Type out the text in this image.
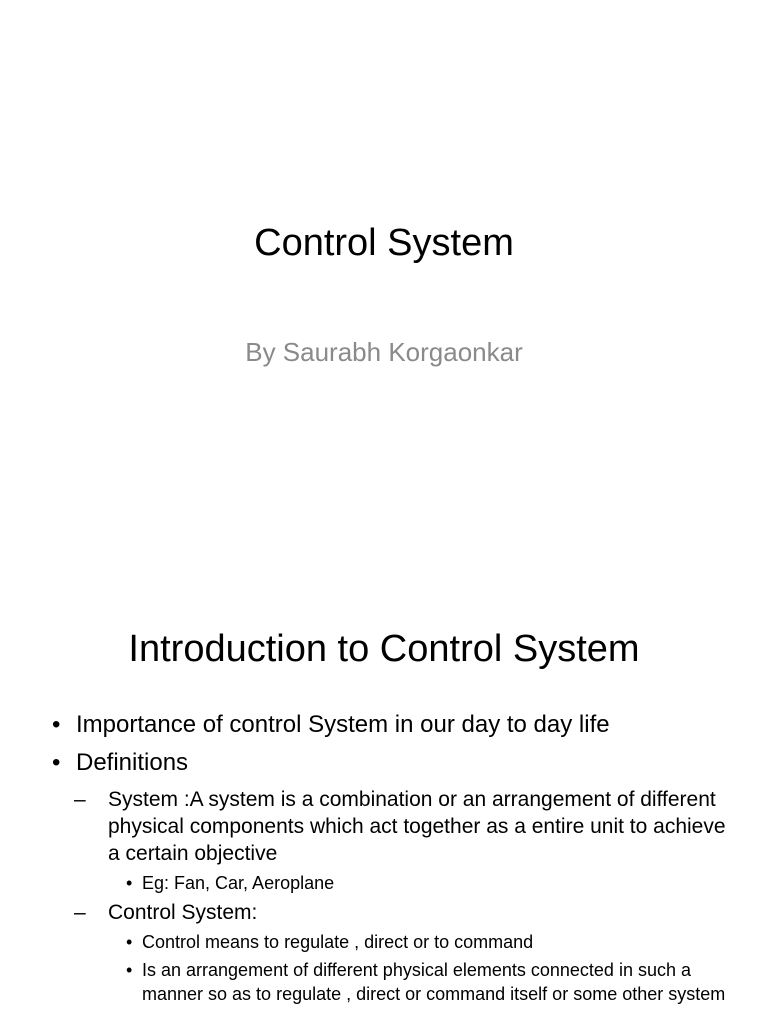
Control System
By Saurabh Korgaonkar
Introduction to Control System
• Importance of control System in our day to day life
• Definitions
– System :A system is a combination or an arrangement of different physical components which act together as a entire unit to achieve a certain objective
• Eg: Fan, Car, Aeroplane
– Control System:
• Control means to regulate , direct or to command
• Is an arrangement of different physical elements connected in such a manner so as to regulate , direct or command itself or some other system
